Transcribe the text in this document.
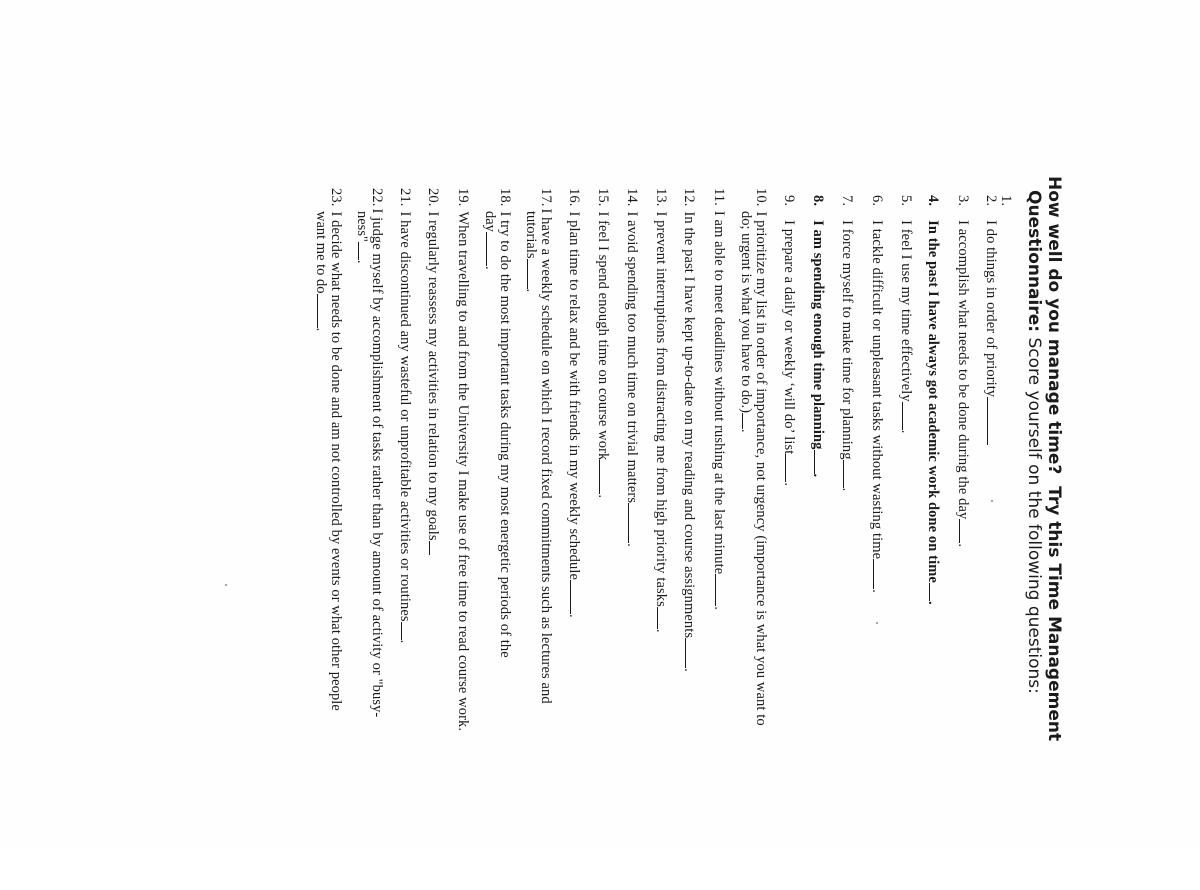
How well do you manage time?  Try this Time Management
Questionnaire: Score yourself on the following questions:
1.
2.I do things in order of priority
3.I accomplish what needs to be done during the day.
4.In the past I have always got academic work done on time.
5.I feel I use my time effectively.
6.I tackle difficult or unpleasant tasks without wasting time.
7.I force myself to make time for planning.
8.I am spending enough time planning.
9.I prepare a daily or weekly ‘will do’ list.
10.I prioritize my list in order of importance, not urgency (importance is what you want to
do; urgent is what you have to do.).
11.I am able to meet deadlines without rushing at the last minute.
12.In the past I have kept up-to-date on my reading and course assignments.
13.I prevent interruptions from distracting me from high priority tasks.
14.I avoid spending too much time on trivial matters.
15.I feel I spend enough time on course work.
16.I plan time to relax and be with friends in my weekly schedule.
17.I have a weekly schedule on which I record fixed commitments such as lectures and
tutorials.
18.I try to do the most important tasks during my most energetic periods of the
day.
19.When travelling to and from the University I make use of free time to read course work.
20.I regularly reassess my activities in relation to my goals
21.I have discontinued any wasteful or unprofitable activities or routines.
22.I judge myself by accomplishment of tasks rather than by amount of activity or "busy-
ness".
23.I decide what needs to be done and am not controlled by events or what other people
want me to do.
